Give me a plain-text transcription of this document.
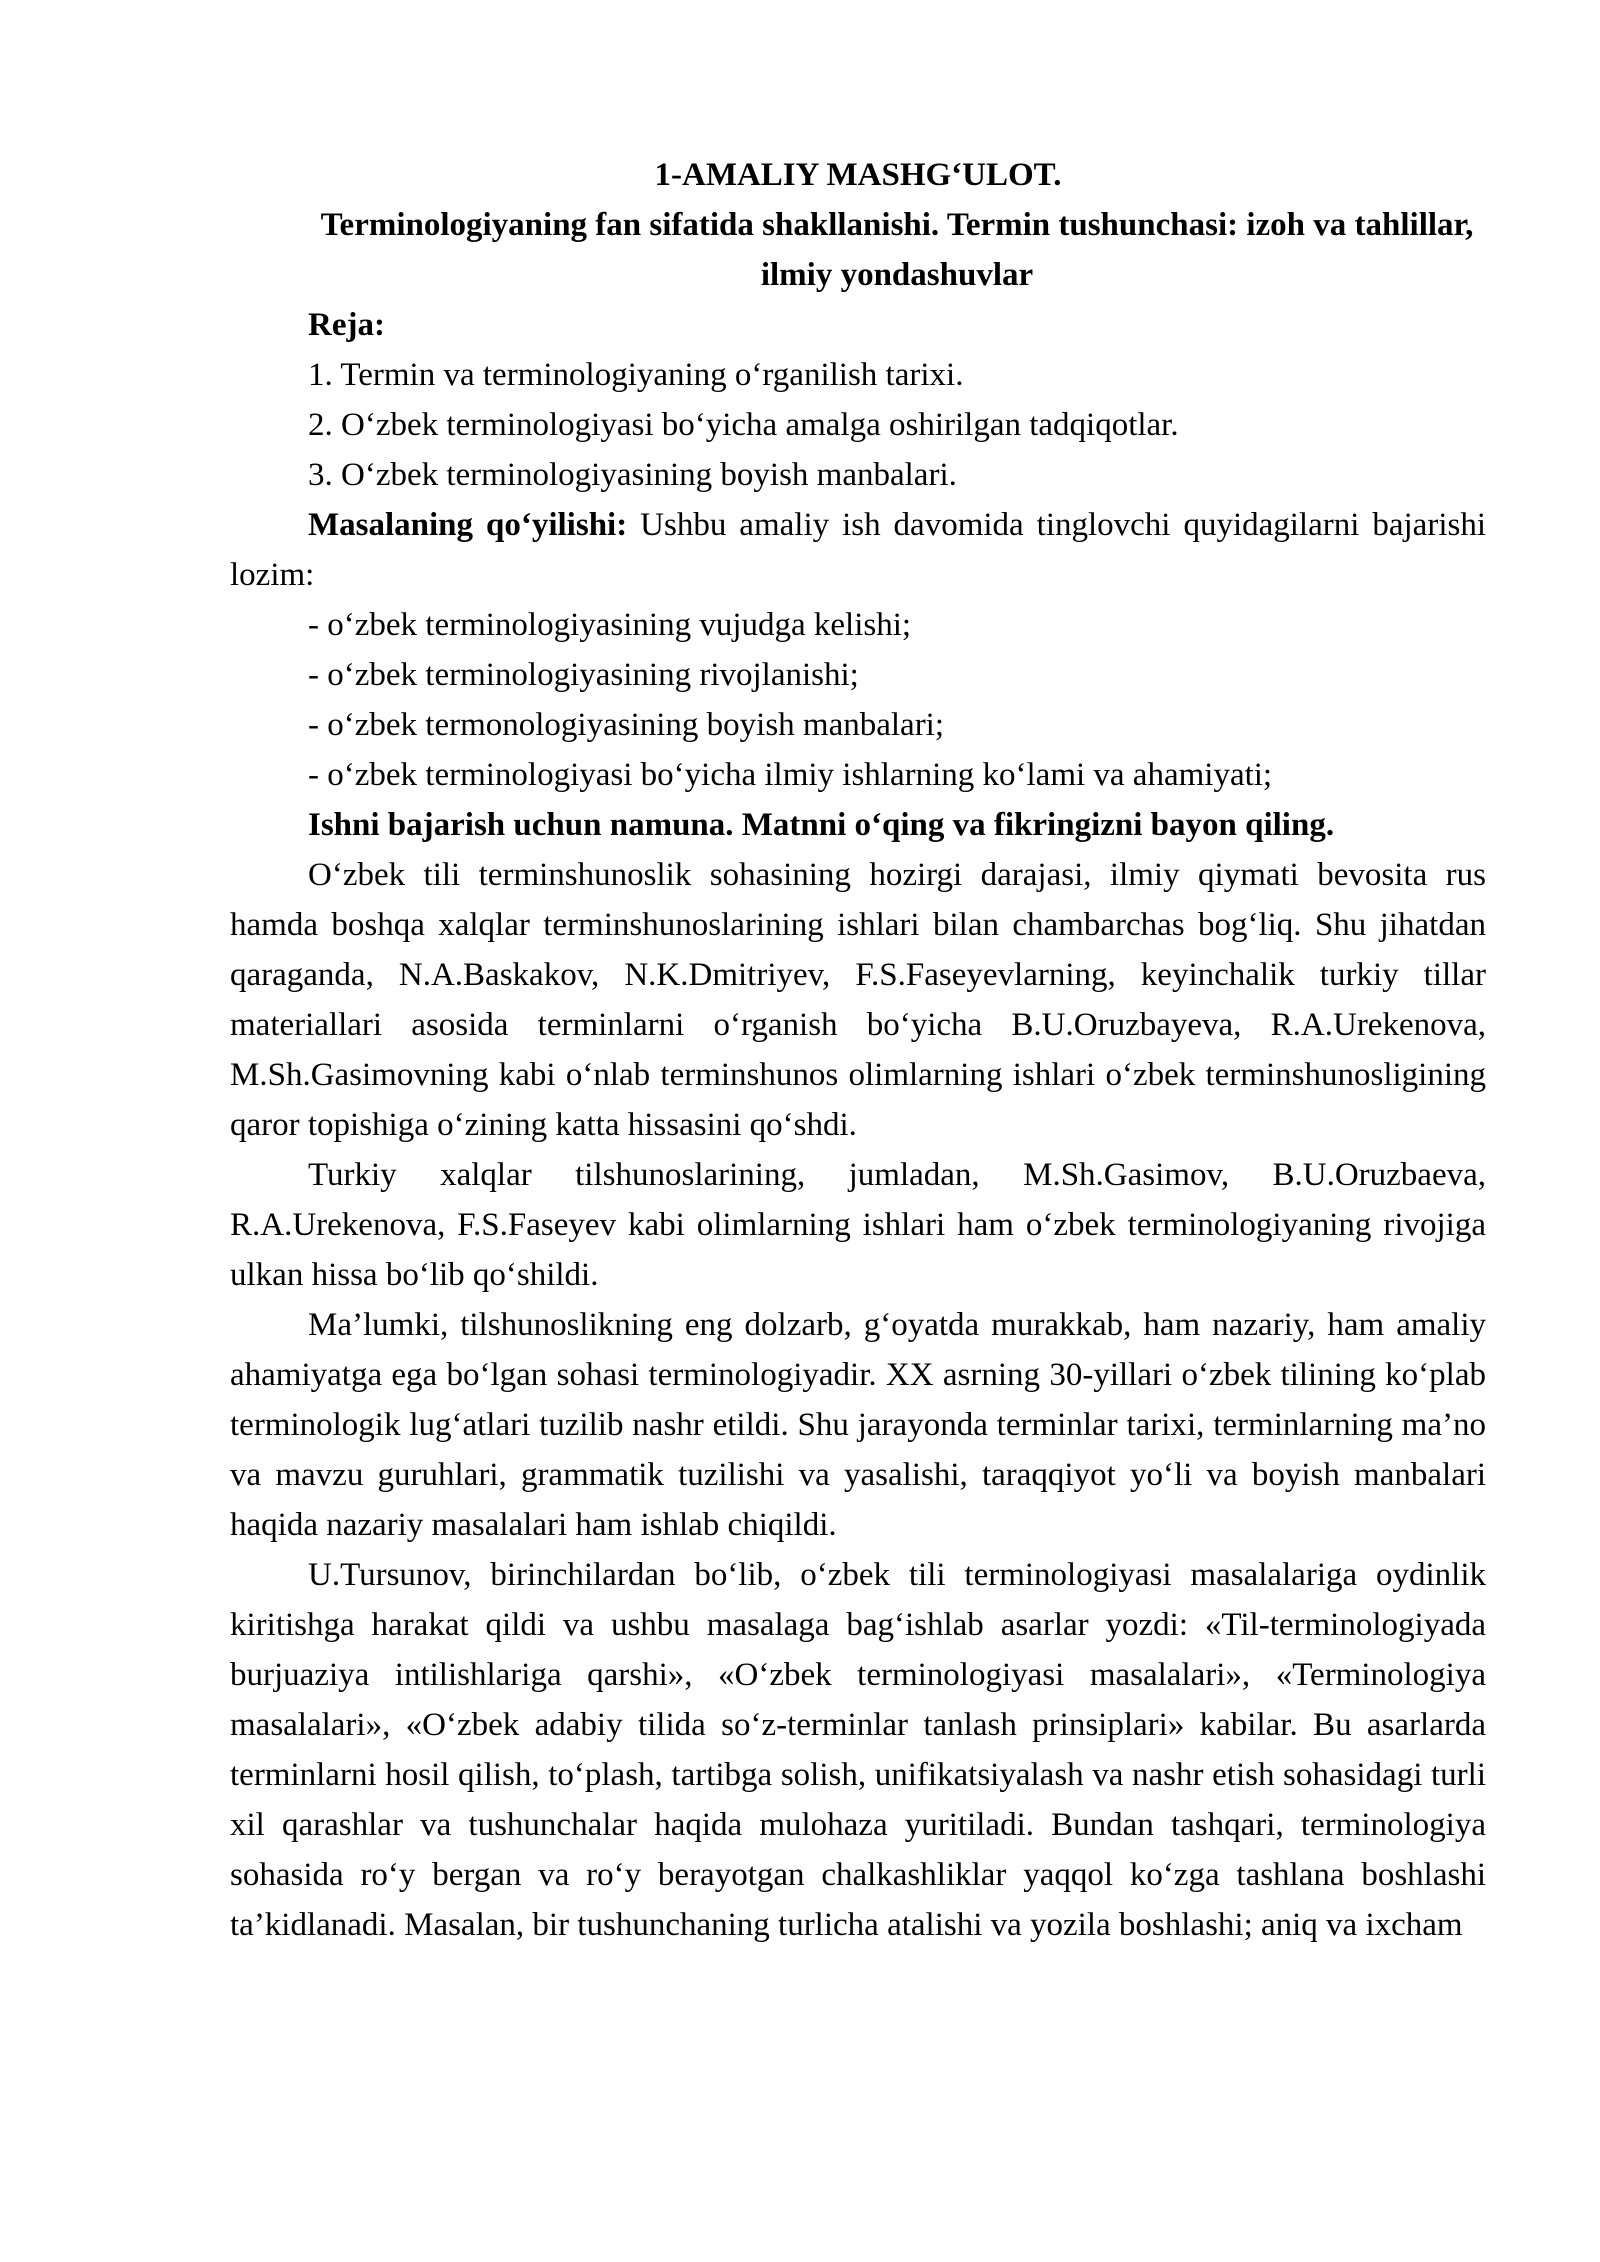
1-AMALIY MASHG‘ULOT.

Terminologiyaning fan sifatida shakllanishi. Termin tushunchasi: izoh va tahlillar, ilmiy yondashuvlar

Reja:

1. Termin va terminologiyaning o‘rganilish tarixi.

2. O‘zbek terminologiyasi bo‘yicha amalga oshirilgan tadqiqotlar.

3. O‘zbek terminologiyasining boyish manbalari.

Masalaning qo‘yilishi: Ushbu amaliy ish davomida tinglovchi quyidagilarni bajarishi lozim:

- o‘zbek terminologiyasining vujudga kelishi;

- o‘zbek terminologiyasining rivojlanishi;

- o‘zbek termonologiyasining boyish manbalari;

- o‘zbek terminologiyasi bo‘yicha ilmiy ishlarning ko‘lami va ahamiyati;

Ishni bajarish uchun namuna. Matnni o‘qing va fikringizni bayon qiling.

O‘zbek tili terminshunoslik sohasining hozirgi darajasi, ilmiy qiymati bevosita rus hamda boshqa xalqlar terminshunoslarining ishlari bilan chambarchas bog‘liq. Shu jihatdan qaraganda, N.A.Baskakov, N.K.Dmitriyev, F.S.Faseyevlarning, keyinchalik turkiy tillar materiallari asosida terminlarni o‘rganish bo‘yicha B.U.Oruzbayeva, R.A.Urekenova, M.Sh.Gasimovning kabi o‘nlab terminshunos olimlarning ishlari o‘zbek terminshunosligining qaror topishiga o‘zining katta hissasini qo‘shdi.

Turkiy xalqlar tilshunoslarining, jumladan, M.Sh.Gasimov, B.U.Oruzbaeva, R.A.Urekenova, F.S.Faseyev kabi olimlarning ishlari ham o‘zbek terminologiyaning rivojiga ulkan hissa bo‘lib qo‘shildi.

Ma’lumki, tilshunoslikning eng dolzarb, g‘oyatda murakkab, ham nazariy, ham amaliy ahamiyatga ega bo‘lgan sohasi terminologiyadir. XX asrning 30-yillari o‘zbek tilining ko‘plab terminologik lug‘atlari tuzilib nashr etildi. Shu jarayonda terminlar tarixi, terminlarning ma’no va mavzu guruhlari, grammatik tuzilishi va yasalishi, taraqqiyot yo‘li va boyish manbalari haqida nazariy masalalari ham ishlab chiqildi.

U.Tursunov, birinchilardan bo‘lib, o‘zbek tili terminologiyasi masalalariga oydinlik kiritishga harakat qildi va ushbu masalaga bag‘ishlab asarlar yozdi: «Til-terminologiyada burjuaziya intilishlariga qarshi», «O‘zbek terminologiyasi masalalari», «Terminologiya masalalari», «O‘zbek adabiy tilida so‘z-terminlar tanlash prinsiplari» kabilar. Bu asarlarda terminlarni hosil qilish, to‘plash, tartibga solish, unifikatsiyalash va nashr etish sohasidagi turli xil qarashlar va tushunchalar haqida mulohaza yuritiladi. Bundan tashqari, terminologiya sohasida ro‘y bergan va ro‘y berayotgan chalkashliklar yaqqol ko‘zga tashlana boshlashi ta’kidlanadi. Masalan, bir tushunchaning turlicha atalishi va yozila boshlashi; aniq va ixcham
